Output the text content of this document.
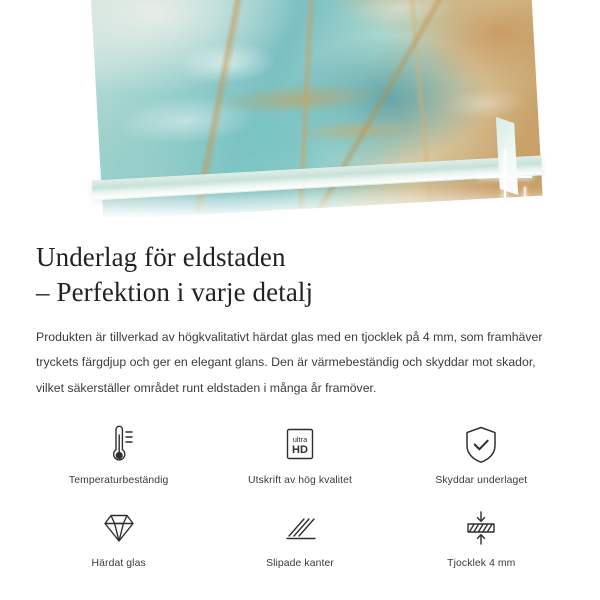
Underlag för eldstaden
– Perfektion i varje detalj

Produkten är tillverkad av högkvalitativt härdat glas med en tjocklek på 4 mm, som framhäver tryckets färgdjup och ger en elegant glans. Den är värmebeständig och skyddar mot skador, vilket säkerställer området runt eldstaden i många år framöver.

Temperaturbeständig
ultra
HD
Utskrift av hög kvalitet	Skyddar underlaget
Härdat glas	Slipade kanter	Tjocklek 4 mm
